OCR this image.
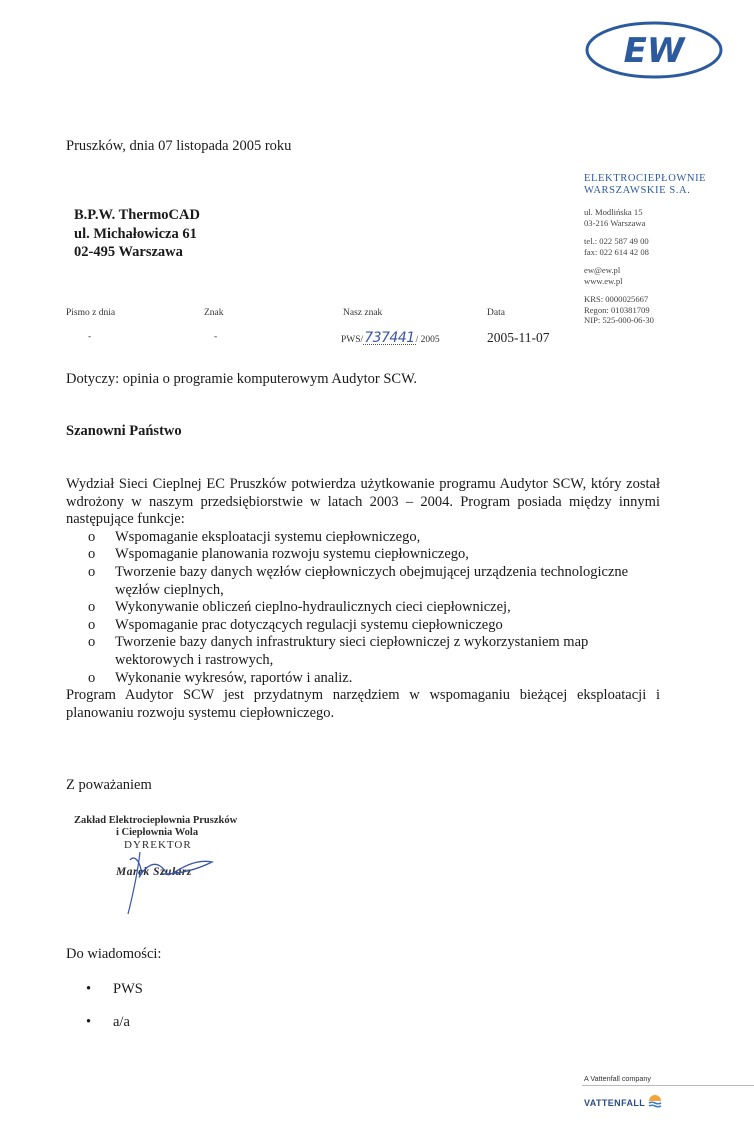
EW
Pruszków, dnia 07 listopada 2005 roku
ELEKTROCIEPŁOWNIE
WARSZAWSKIE S.A.
ul. Modlińska 15
03-216 Warszawa
tel.: 022 587 49 00
fax: 022 614 42 08
ew@ew.pl
www.ew.pl
KRS: 0000025667
Regon: 010381709
NIP: 525-000-06-30
B.P.W. ThermoCAD
ul. Michałowicza 61
02-495 Warszawa
Pismo z dnia	Znak	Nasz znak	Data
-	-	PWS/737441/ 2005	2005-11-07
Dotyczy: opinia o programie komputerowym Audytor SCW.
Szanowni Państwo
Wydział Sieci Cieplnej EC Pruszków potwierdza użytkowanie programu Audytor SCW, który został wdrożony w naszym przedsiębiorstwie w latach 2003 – 2004. Program posiada między innymi następujące funkcje:
o Wspomaganie eksploatacji systemu ciepłowniczego,
o Wspomaganie planowania rozwoju systemu ciepłowniczego,
o Tworzenie bazy danych węzłów ciepłowniczych obejmującej urządzenia technologiczne węzłów cieplnych,
o Wykonywanie obliczeń cieplno-hydraulicznych cieci ciepłowniczej,
o Wspomaganie prac dotyczących regulacji systemu ciepłowniczego
o Tworzenie bazy danych infrastruktury sieci ciepłowniczej z wykorzystaniem map wektorowych i rastrowych,
o Wykonanie wykresów, raportów i analiz.
Program Audytor SCW jest przydatnym narzędziem w wspomaganiu bieżącej eksploatacji i planowaniu rozwoju systemu ciepłowniczego.
Z poważaniem
Zakład Elektrociepłownia Pruszków
i Ciepłownia Wola
DYREKTOR
Marek Szularz
Do wiadomości:
• PWS
• a/a
A Vattenfall company
VATTENFALL
